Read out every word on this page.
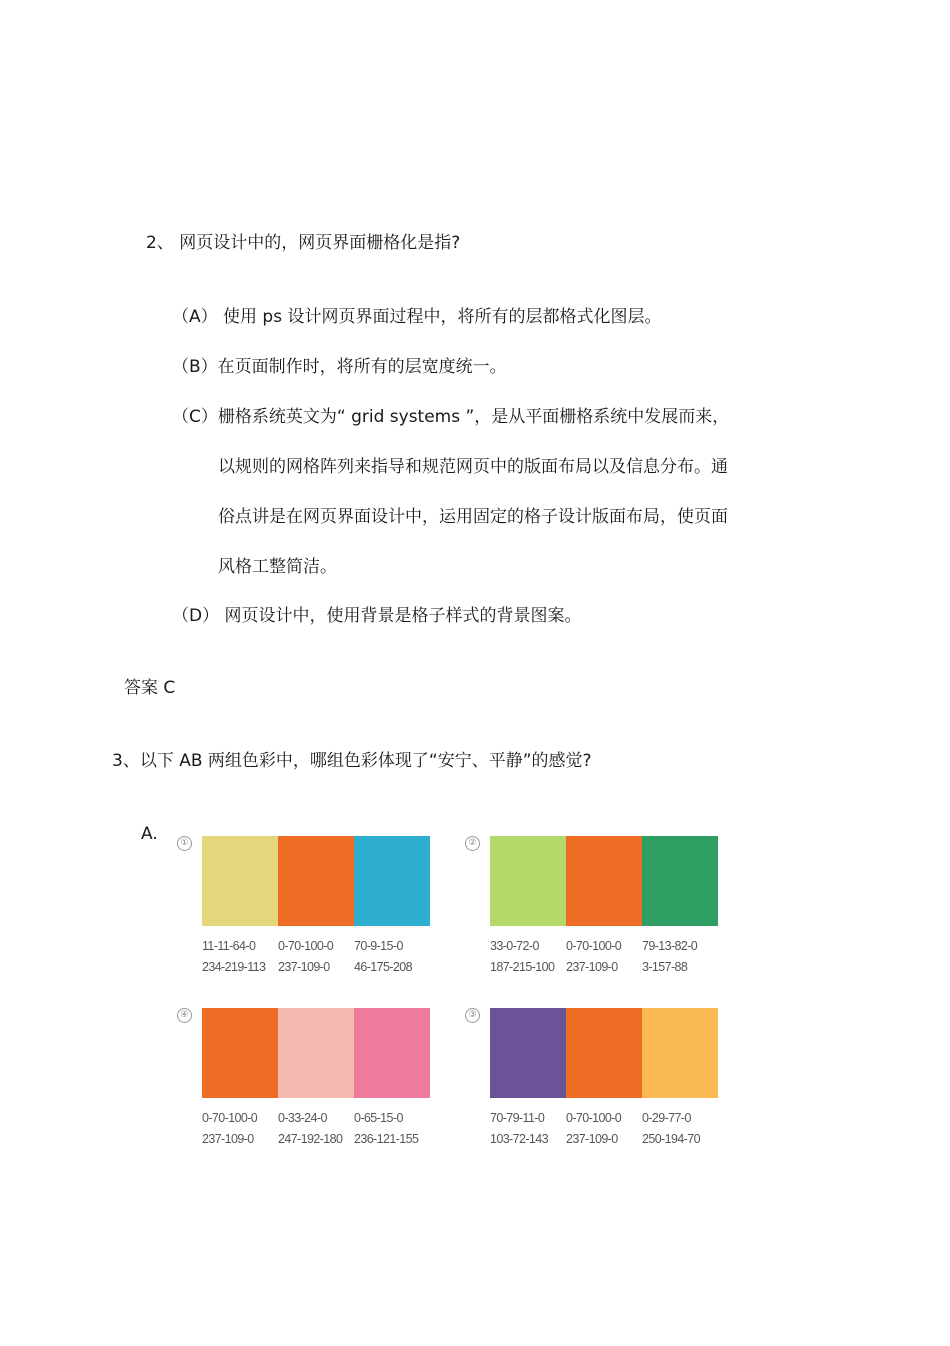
2、 网页设计中的，网页界面栅格化是指?
（A） 使用 ps 设计网页界面过程中，将所有的层都格式化图层。
（B）在页面制作时，将所有的层宽度统一。
（C）栅格系统英文为“ grid systems ”，是从平面栅格系统中发展而来，
以规则的网格阵列来指导和规范网页中的版面布局以及信息分布。通
俗点讲是在网页界面设计中，运用固定的格子设计版面布局，使页面
风格工整简洁。
（D） 网页设计中，使用背景是格子样式的背景图案。
答案 C
3、以下 AB 两组色彩中，哪组色彩体现了“安宁、平静”的感觉?
A.	①
11-11-64-0
234-219-113
0-70-100-0
237-109-0
70-9-15-0
46-175-208
②
33-0-72-0
187-215-100
0-70-100-0
237-109-0
79-13-82-0
3-157-88
④
0-70-100-0
237-109-0
0-33-24-0
247-192-180
0-65-15-0
236-121-155
③
70-79-11-0
103-72-143
0-70-100-0
237-109-0
0-29-77-0
250-194-70
